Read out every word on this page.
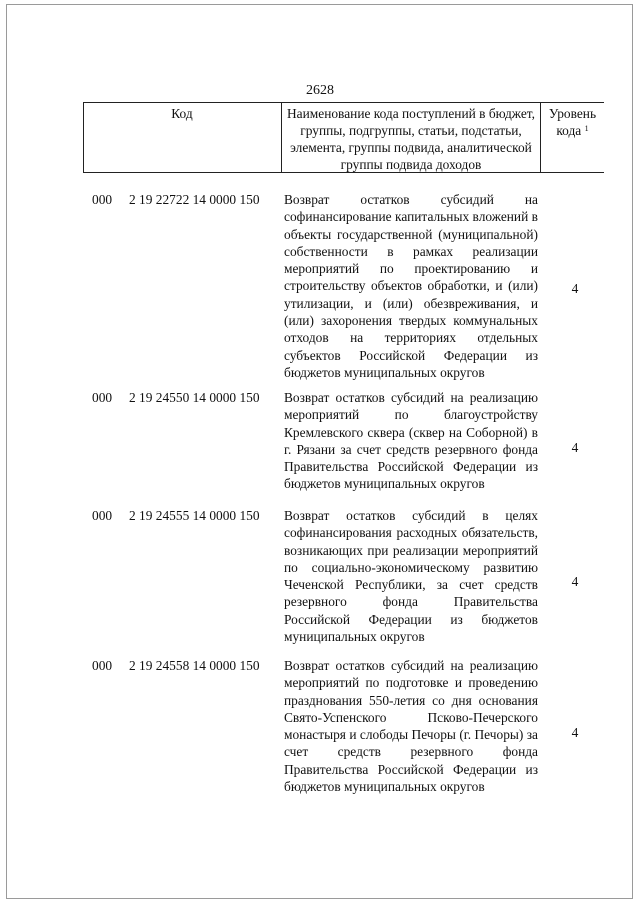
2628
Код	Наименование кода поступлений в бюджет, группы, подгруппы, статьи, подстатьи, элемента, группы подвида, аналитической группы подвида доходов
Уровень кода $^1$
000 2 19 22722 14 0000 150 Возврат остатков субсидий на софинансирование капитальных вложений в объекты государственной (муниципальной) собственности в рамках реализации мероприятий по проектированию и строительству объектов обработки, и (или) утилизации, и (или) обезвреживания, и (или) захоронения твердых коммунальных отходов на территориях отдельных субъектов Российской Федерации из бюджетов муниципальных округов
4
000 2 19 24550 14 0000 150 Возврат остатков субсидий на реализацию мероприятий по благоустройству Кремлевского сквера (сквер на Соборной) в г. Рязани за счет средств резервного фонда Правительства Российской Федерации из бюджетов муниципальных округов
4
000 2 19 24555 14 0000 150 Возврат остатков субсидий в целях софинансирования расходных обязательств, возникающих при реализации мероприятий по социально-экономическому развитию Чеченской Республики, за счет средств резервного фонда Правительства Российской Федерации из бюджетов муниципальных округов
4
000 2 19 24558 14 0000 150 Возврат остатков субсидий на реализацию мероприятий по подготовке и проведению празднования 550-летия со дня основания Свято-Успенского Псково-Печерского монастыря и слободы Печоры (г. Печоры) за счет средств резервного фонда Правительства Российской Федерации из бюджетов муниципальных округов
4
